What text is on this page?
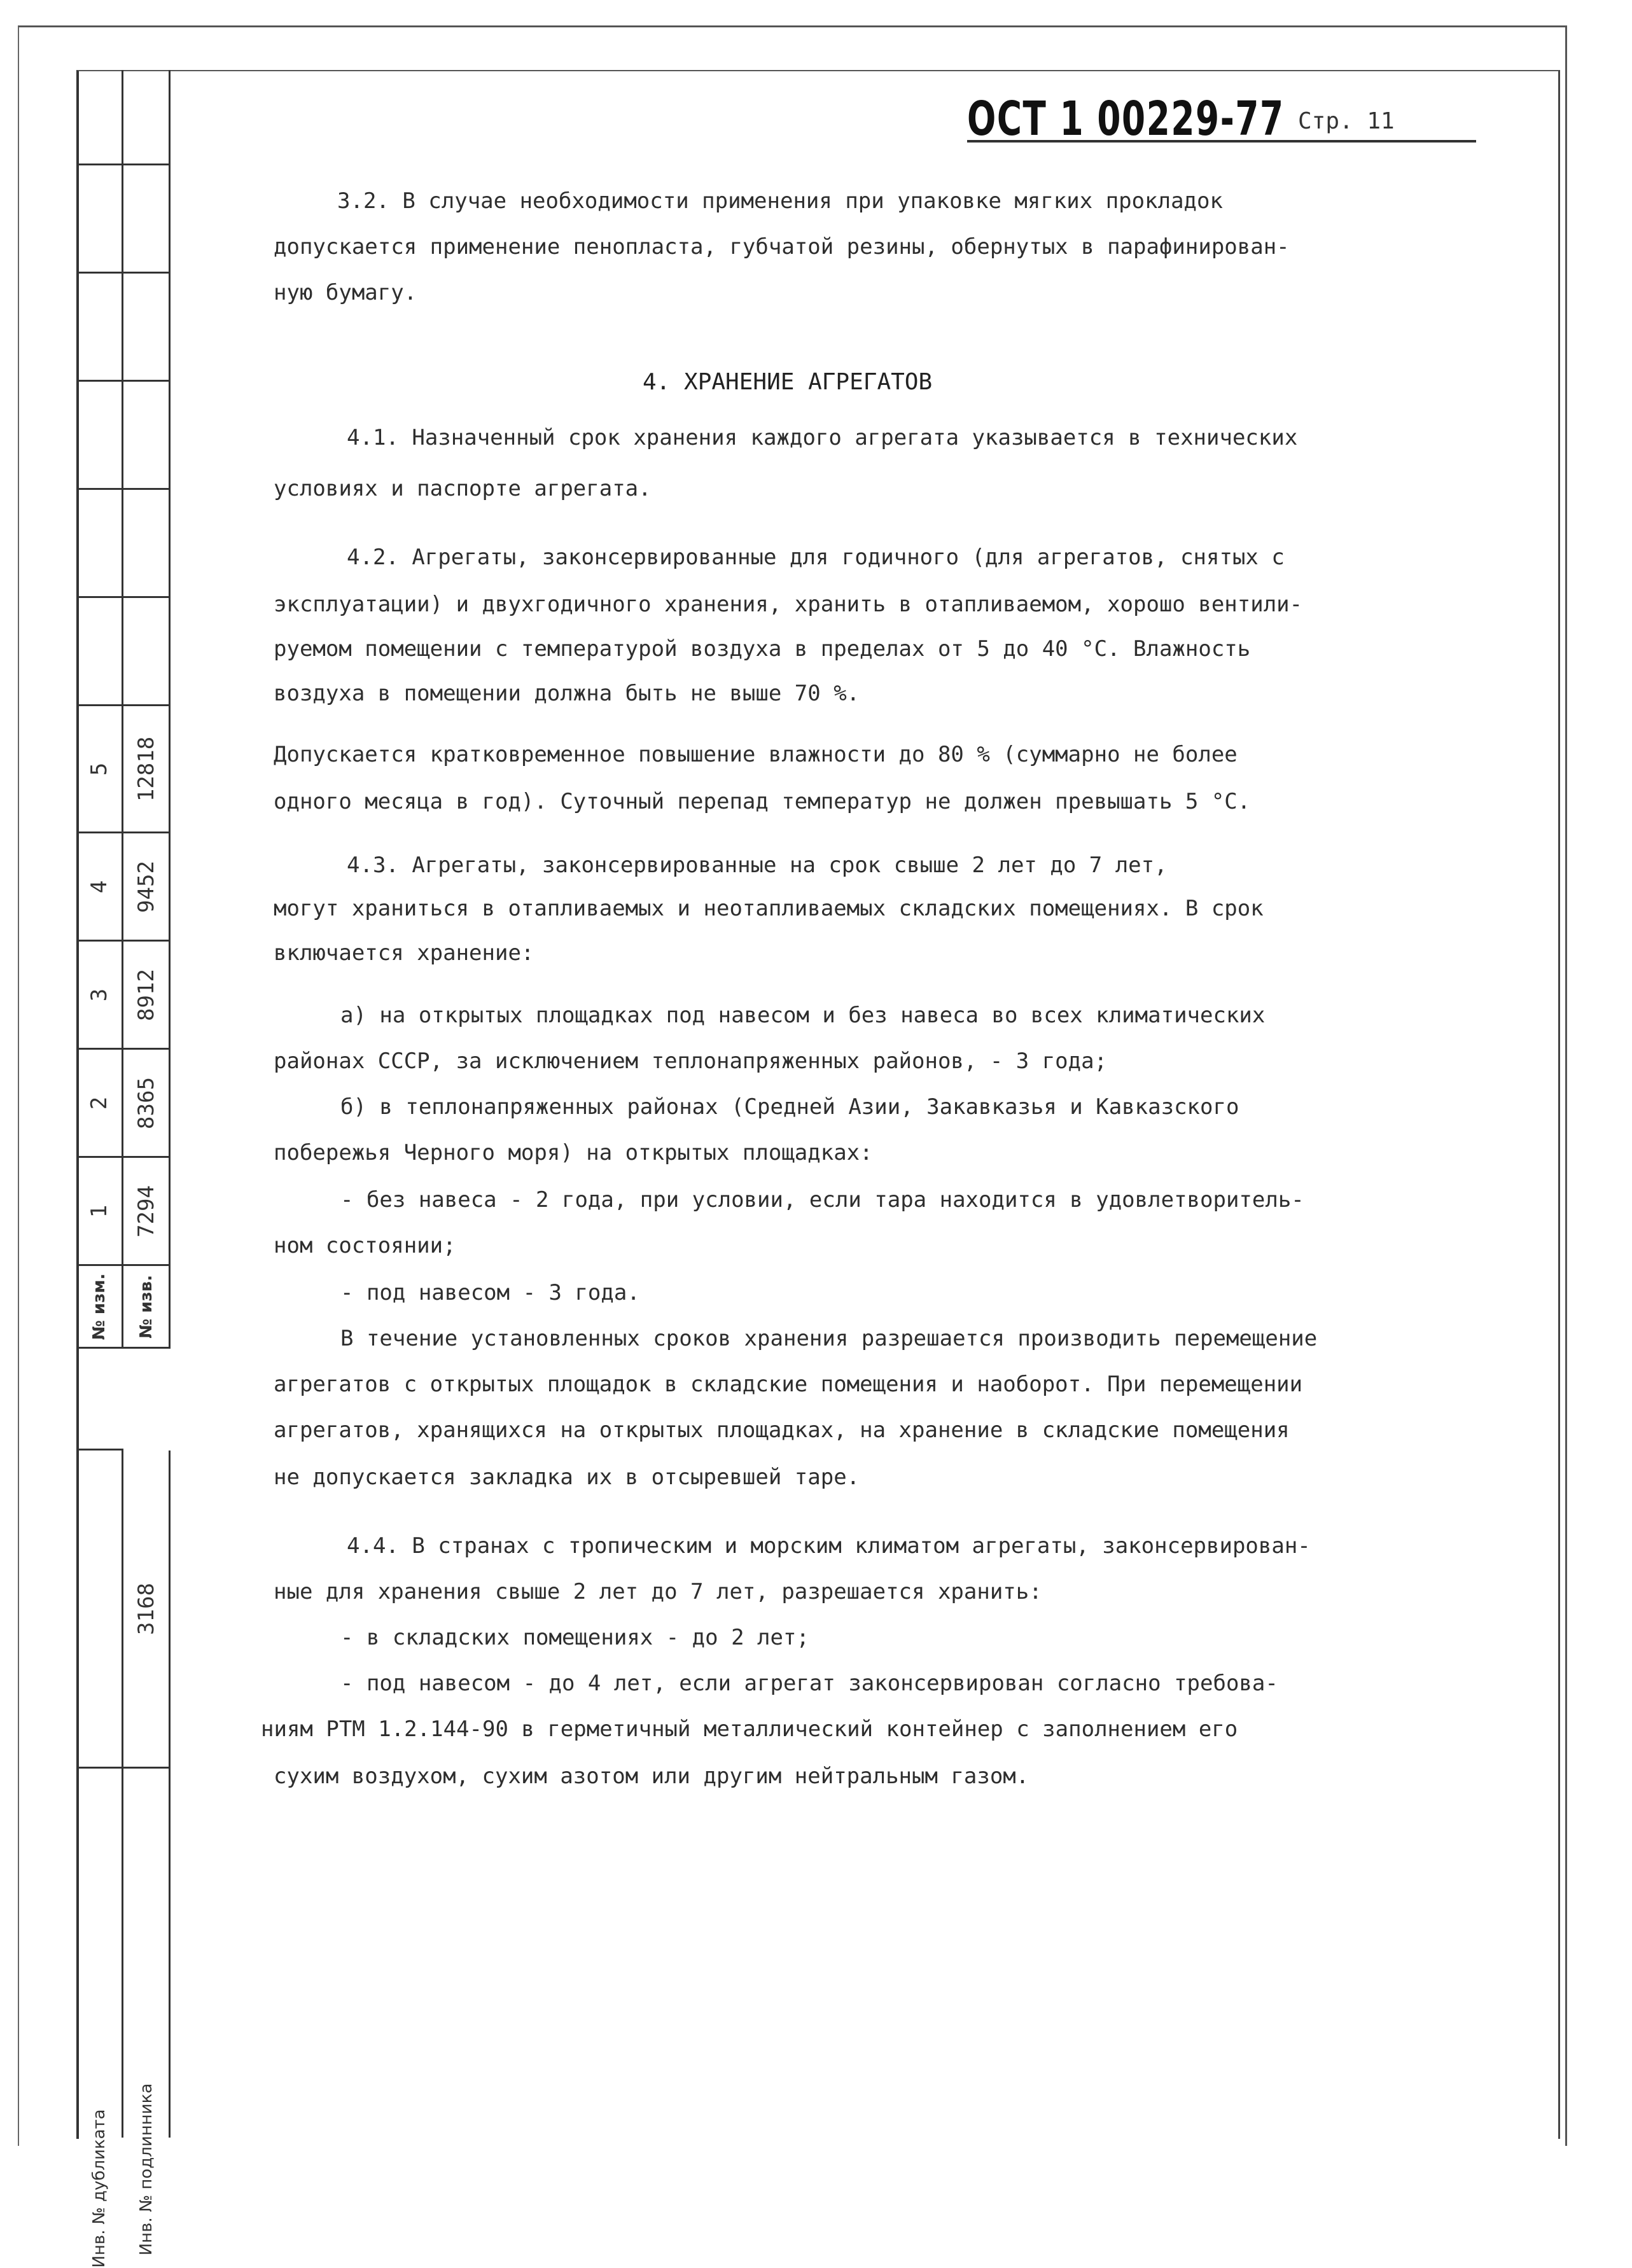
5 12818
4 9452
3 8912
2 8365
1 7294
№ изм. № изв.
3168
Инв. № дубликата Инв. № подлинника
ОСТ 1 00229-77 Стр. 11
3.2. В случае необходимости применения при упаковке мягких прокладок
допускается применение пенопласта, губчатой резины, обернутых в парафинирован-
ную бумагу.
4. ХРАНЕНИЕ АГРЕГАТОВ
4.1. Назначенный срок хранения каждого агрегата указывается в технических
условиях и паспорте агрегата.
4.2. Агрегаты, законсервированные для годичного (для агрегатов, снятых с
эксплуатации) и двухгодичного хранения, хранить в отапливаемом, хорошо вентили-
руемом помещении с температурой воздуха в пределах от 5 до 40 °С. Влажность
воздуха в помещении должна быть не выше 70 %.
Допускается кратковременное повышение влажности до 80 % (суммарно не более
одного месяца в год). Суточный перепад температур не должен превышать 5 °С.
4.3. Агрегаты, законсервированные на срок свыше 2 лет до 7 лет,
могут храниться в отапливаемых и неотапливаемых складских помещениях. В срок
включается хранение:
а) на открытых площадках под навесом и без навеса во всех климатических
районах СССР, за исключением теплонапряженных районов, - 3 года;
б) в теплонапряженных районах (Средней Азии, Закавказья и Кавказского
побережья Черного моря) на открытых площадках:
- без навеса - 2 года, при условии, если тара находится в удовлетворитель-
ном состоянии;
- под навесом - 3 года.
В течение установленных сроков хранения разрешается производить перемещение
агрегатов с открытых площадок в складские помещения и наоборот. При перемещении
агрегатов, хранящихся на открытых площадках, на хранение в складские помещения
не допускается закладка их в отсыревшей таре.
4.4. В странах с тропическим и морским климатом агрегаты, законсервирован-
ные для хранения свыше 2 лет до 7 лет, разрешается хранить:
- в складских помещениях - до 2 лет;
- под навесом - до 4 лет, если агрегат законсервирован согласно требова-
ниям РТМ 1.2.144-90 в герметичный металлический контейнер с заполнением его
сухим воздухом, сухим азотом или другим нейтральным газом.
